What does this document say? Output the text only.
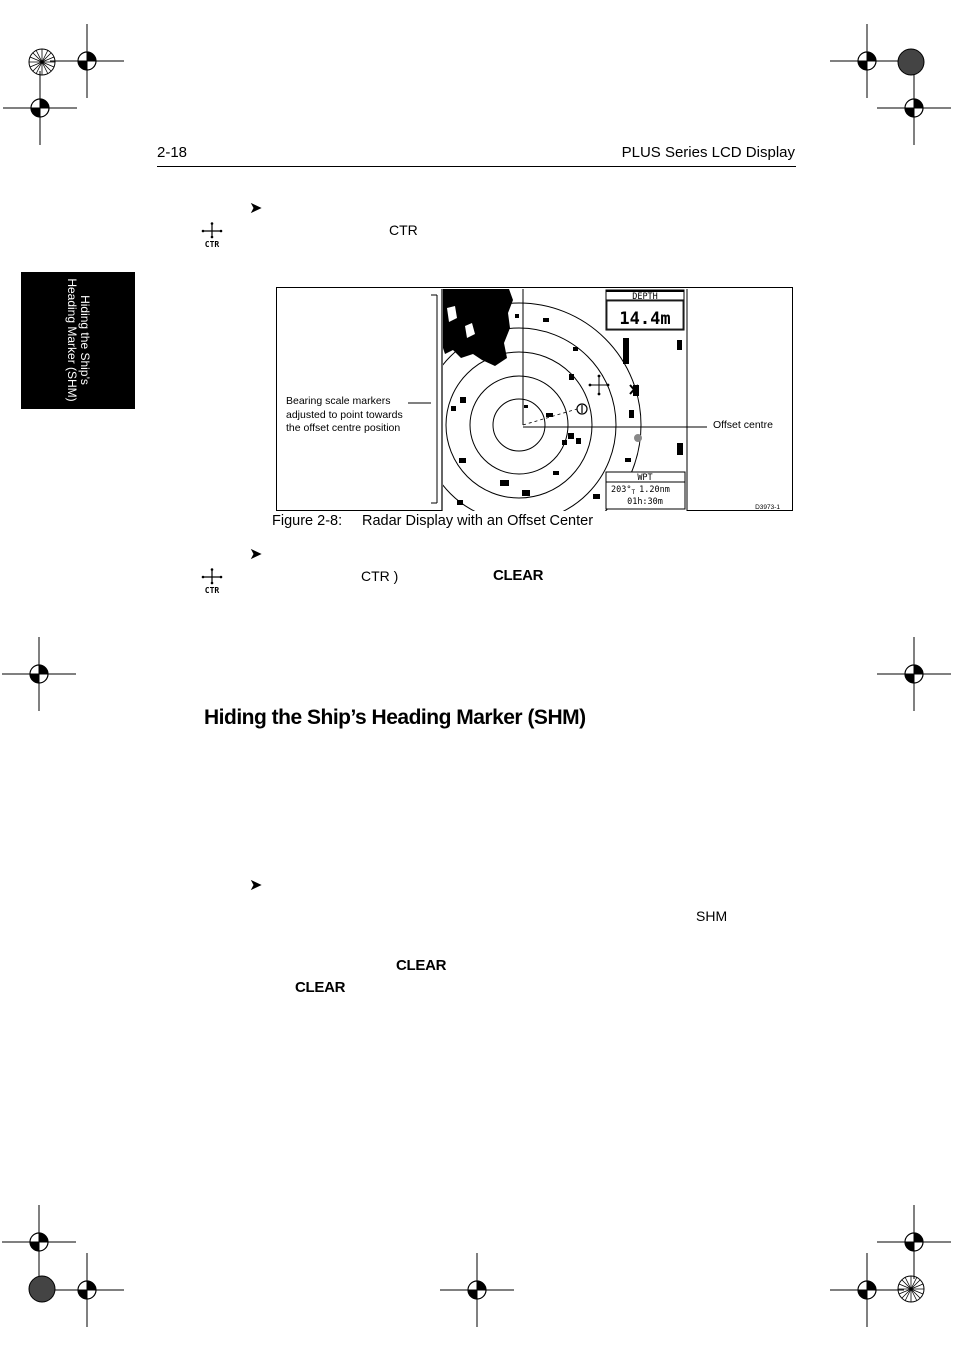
2-18	PLUS Series LCD Display
Hiding the Ship’s Heading Marker (SHM)
➤
CTR
CTR
DEPTH
14.4m
WPT
$203^\circ_T$ 1.20nm
01h:30m
D3973-1
Bearing scale markers adjusted to point towards the offset centre position	Offset centre
Figure 2-8: Radar Display with an Offset Center
➤
CTR
CTR )	CLEAR
Hiding the Ship’s Heading Marker (SHM)
➤
SHM
CLEAR
CLEAR
